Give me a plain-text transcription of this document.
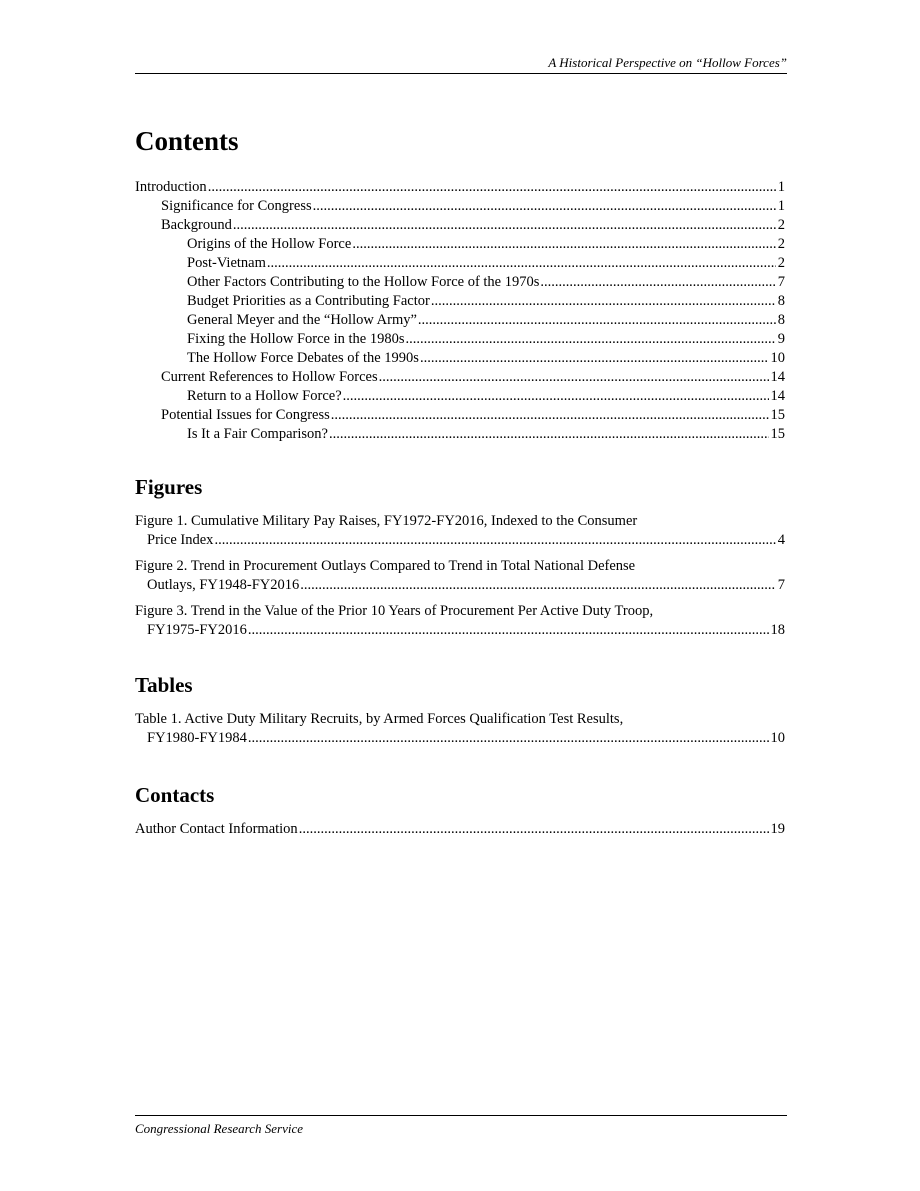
A Historical Perspective on “Hollow Forces”
Contents
Introduction .....	1
Significance for Congress .....	1
Background .....	2
Origins of the Hollow Force .....	2
Post-Vietnam .....	2
Other Factors Contributing to the Hollow Force of the 1970s .....	7
Budget Priorities as a Contributing Factor .....	8
General Meyer and the “Hollow Army” .....	8
Fixing the Hollow Force in the 1980s .....	9
The Hollow Force Debates of the 1990s .....	10
Current References to Hollow Forces .....	14
Return to a Hollow Force? .....	14
Potential Issues for Congress .....	15
Is It a Fair Comparison? .....	15
Figures
Figure 1. Cumulative Military Pay Raises, FY1972-FY2016, Indexed to the Consumer
Price Index .....	4
Figure 2. Trend in Procurement Outlays Compared to Trend in Total National Defense
Outlays, FY1948-FY2016 .....	7
Figure 3. Trend in the Value of the Prior 10 Years of Procurement Per Active Duty Troop,
FY1975-FY2016 .....	18
Tables
Table 1. Active Duty Military Recruits, by Armed Forces Qualification Test Results,
FY1980-FY1984 .....	10
Contacts
Author Contact Information .....	19
Congressional Research Service
